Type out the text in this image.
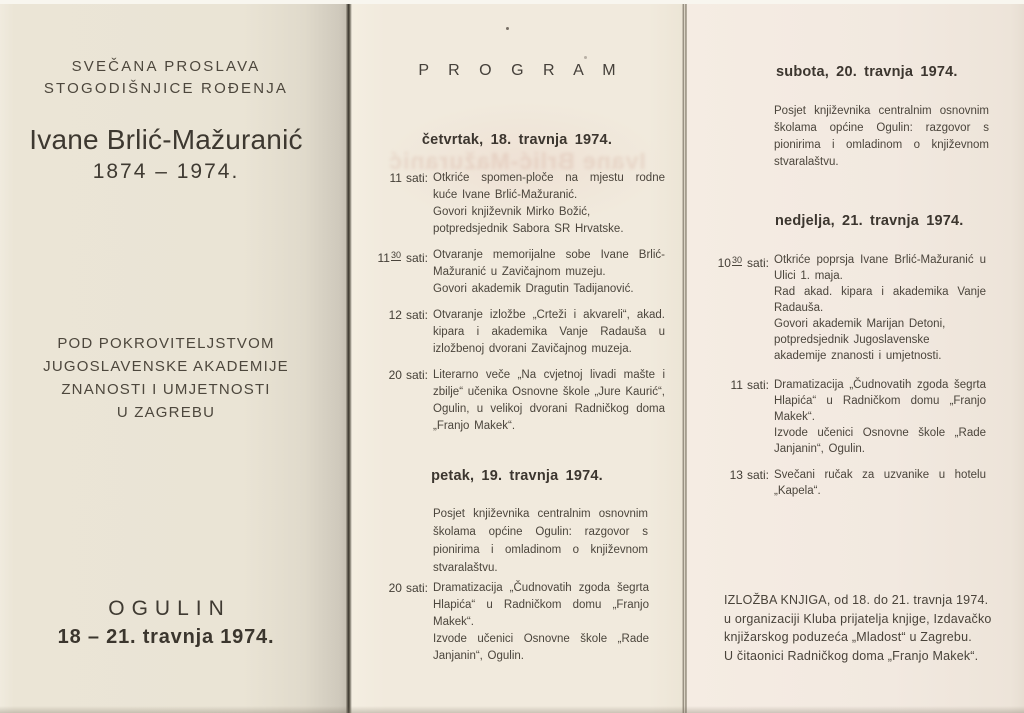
SVEČANA PROSLAVA
STOGODIŠNJICE ROĐENJA
Ivane Brlić-Mažuranić
1874 – 1974.
POD POKROVITELJSTVOM
JUGOSLAVENSKE AKADEMIJE
ZNANOSTI I UMJETNOSTI
U ZAGREBU
OGULIN
18 – 21. travnja 1974.
P R O G R A M
Ivane Brlić-Mažuranić
četvrtak, 18. travnja 1974.
11 sati: Otkriće spomen-ploče na mjestu rodne kuće Ivane Brlić-Mažuranić.

Govori književnik Mirko Božić, potpredsjednik Sabora SR Hrvatske.

$11^{30}$ sati: Otvaranje memorijalne sobe Ivane Brlić-Mažuranić u Zavičajnom muzeju.

Govori akademik Dragutin Tadijanović.

12 sati: Otvaranje izložbe „Crteži i akvareli“, akad. kipara i akademika Vanje Radauša u izložbenoj dvorani Zavičajnog muzeja.

20 sati: Literarno veče „Na cvjetnoj livadi mašte i zbilje“ učenika Osnovne škole „Jure Kaurić“, Ogulin, u velikoj dvorani Radničkog doma „Franjo Makek“.

petak, 19. travnja 1974.

Posjet književnika centralnim osnovnim školama općine Ogulin: razgovor s pionirima i omladinom o književnom stvaralaštvu.

20 sati: Dramatizacija „Čudnovatih zgoda šegrta Hlapića“ u Radničkom domu „Franjo Makek“.

Izvode učenici Osnovne škole „Rade Janjanin“, Ogulin.

subota, 20. travnja 1974.

Posjet književnika centralnim osnovnim školama općine Ogulin: razgovor s pionirima i omladinom o književnom stvaralaštvu.

nedjelja, 21. travnja 1974.
$10^{30}$ sati: Otkriće poprsja Ivane Brlić-Mažuranić u Ulici 1. maja.

Rad akad. kipara i akademika Vanje Radauša.

Govori akademik Marijan Detoni, potpredsjednik Jugoslavenske akademije znanosti i umjetnosti.

11 sati: Dramatizacija „Čudnovatih zgoda šegrta Hlapića“ u Radničkom domu „Franjo Makek“.

Izvode učenici Osnovne škole „Rade Janjanin“, Ogulin.

13 sati: Svečani ručak za uzvanike u hotelu „Kapela“.

IZLOŽBA KNJIGA, od 18. do 21. travnja 1974.
u organizaciji Kluba prijatelja knjige, Izdavačko
knjižarskog poduzeća „Mladost“ u Zagrebu.
U čitaonici Radničkog doma „Franjo Makek“.
